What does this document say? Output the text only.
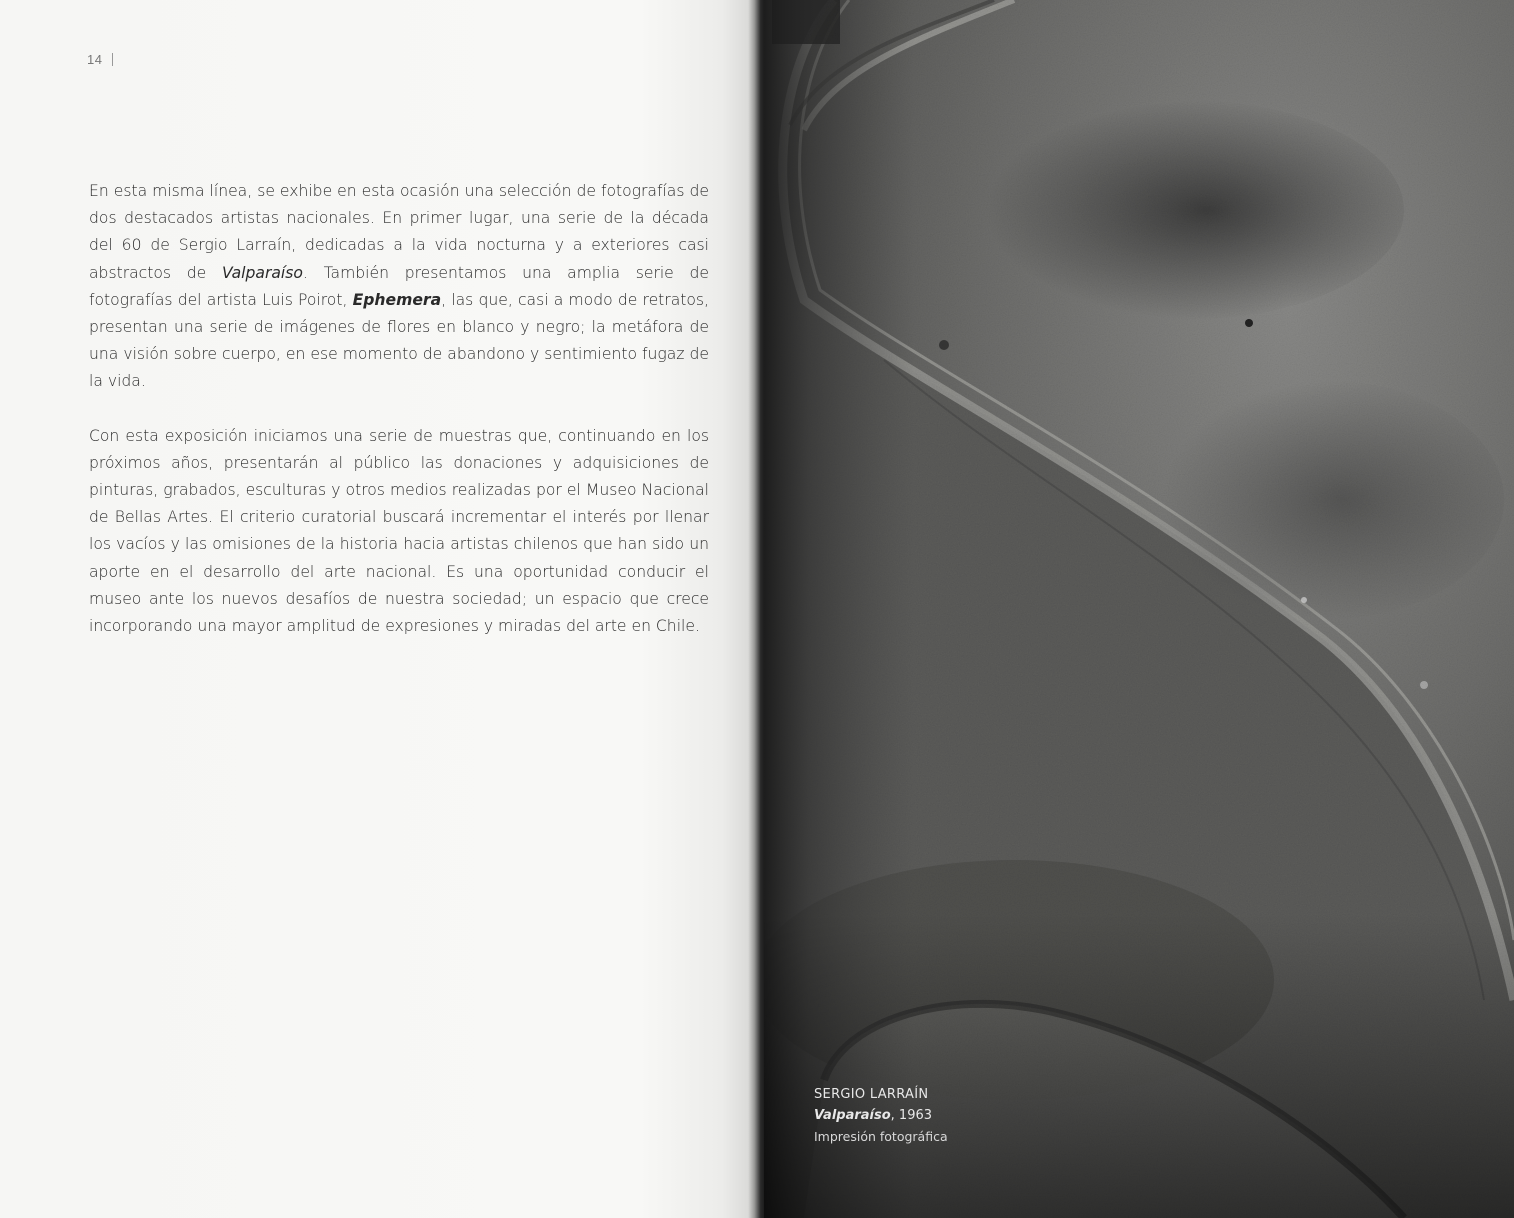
14

En esta misma línea, se exhibe en esta ocasión una selección de fotografías de dos destacados artistas nacionales. En primer lugar, una serie de la década del 60 de Sergio Larraín, dedicadas a la vida nocturna y a exteriores casi abstractos de Valparaíso. También presentamos una amplia serie de fotografías del artista Luis Poirot, Ephemera, las que, casi a modo de retratos, presentan una serie de imágenes de flores en blanco y negro; la metáfora de una visión sobre cuerpo, en ese momento de abandono y sentimiento fugaz de la vida.

Con esta exposición iniciamos una serie de muestras que, continuando en los próximos años, presentarán al público las donaciones y adquisiciones de pinturas, grabados, esculturas y otros medios realizadas por el Museo Nacional de Bellas Artes. El criterio curatorial buscará incrementar el interés por llenar los vacíos y las omisiones de la historia hacia artistas chilenos que han sido un aporte en el desarrollo del arte nacional. Es una oportunidad conducir el museo ante los nuevos desafíos de nuestra sociedad; un espacio que crece incorporando una mayor amplitud de expresiones y miradas del arte en Chile.

SERGIO LARRAÍN
Valparaíso, 1963
Impresión fotográfica
